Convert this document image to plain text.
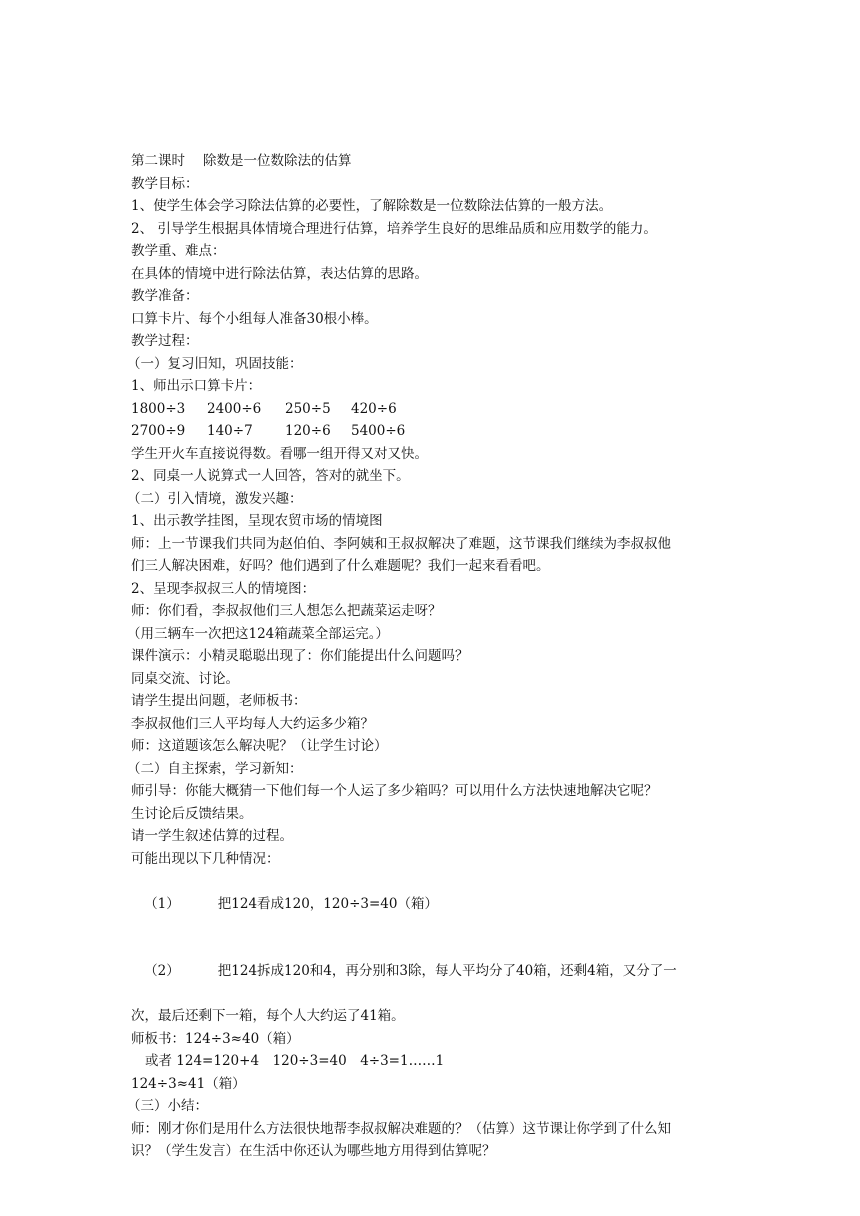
第二课时 除数是一位数除法的估算
教学目标：
1、使学生体会学习除法估算的必要性，了解除数是一位数除法估算的一般方法。
2、 引导学生根据具体情境合理进行估算，培养学生良好的思维品质和应用数学的能力。
教学重、难点：
在具体的情境中进行除法估算，表达估算的思路。
教学准备：
口算卡片、每个小组每人准备30根小棒。
教学过程：
（一）复习旧知，巩固技能：
1、师出示口算卡片：
1800÷3	2400÷6	250÷5	420÷6
2700÷9	140÷7	120÷6	5400÷6
学生开火车直接说得数。看哪一组开得又对又快。
2、同桌一人说算式一人回答，答对的就坐下。
（二）引入情境，激发兴趣：
1、出示教学挂图，呈现农贸市场的情境图
师：上一节课我们共同为赵伯伯、李阿姨和王叔叔解决了难题，这节课我们继续为李叔叔他
们三人解决困难，好吗？他们遇到了什么难题呢？我们一起来看看吧。
2、呈现李叔叔三人的情境图：
师：你们看，李叔叔他们三人想怎么把蔬菜运走呀？
（用三辆车一次把这124箱蔬菜全部运完。）
课件演示：小精灵聪聪出现了：你们能提出什么问题吗？
同桌交流、讨论。
请学生提出问题，老师板书：
李叔叔他们三人平均每人大约运多少箱？
师：这道题该怎么解决呢？（让学生讨论）
（二）自主探索，学习新知：
师引导：你能大概猜一下他们每一个人运了多少箱吗？可以用什么方法快速地解决它呢？
生讨论后反馈结果。
请一学生叙述估算的过程。
可能出现以下几种情况：

（1）	把124看成120，120÷3=40（箱）

（2）	把124拆成120和4，再分别和3除，每人平均分了40箱，还剩4箱，又分了一

次，最后还剩下一箱，每个人大约运了41箱。
师板书：124÷3≈40（箱）
或者 124=120+4　120÷3=40　4÷3=1……1
124÷3≈41（箱）
（三）小结：
师：刚才你们是用什么方法很快地帮李叔叔解决难题的？（估算）这节课让你学到了什么知
识？（学生发言）在生活中你还认为哪些地方用得到估算呢？
